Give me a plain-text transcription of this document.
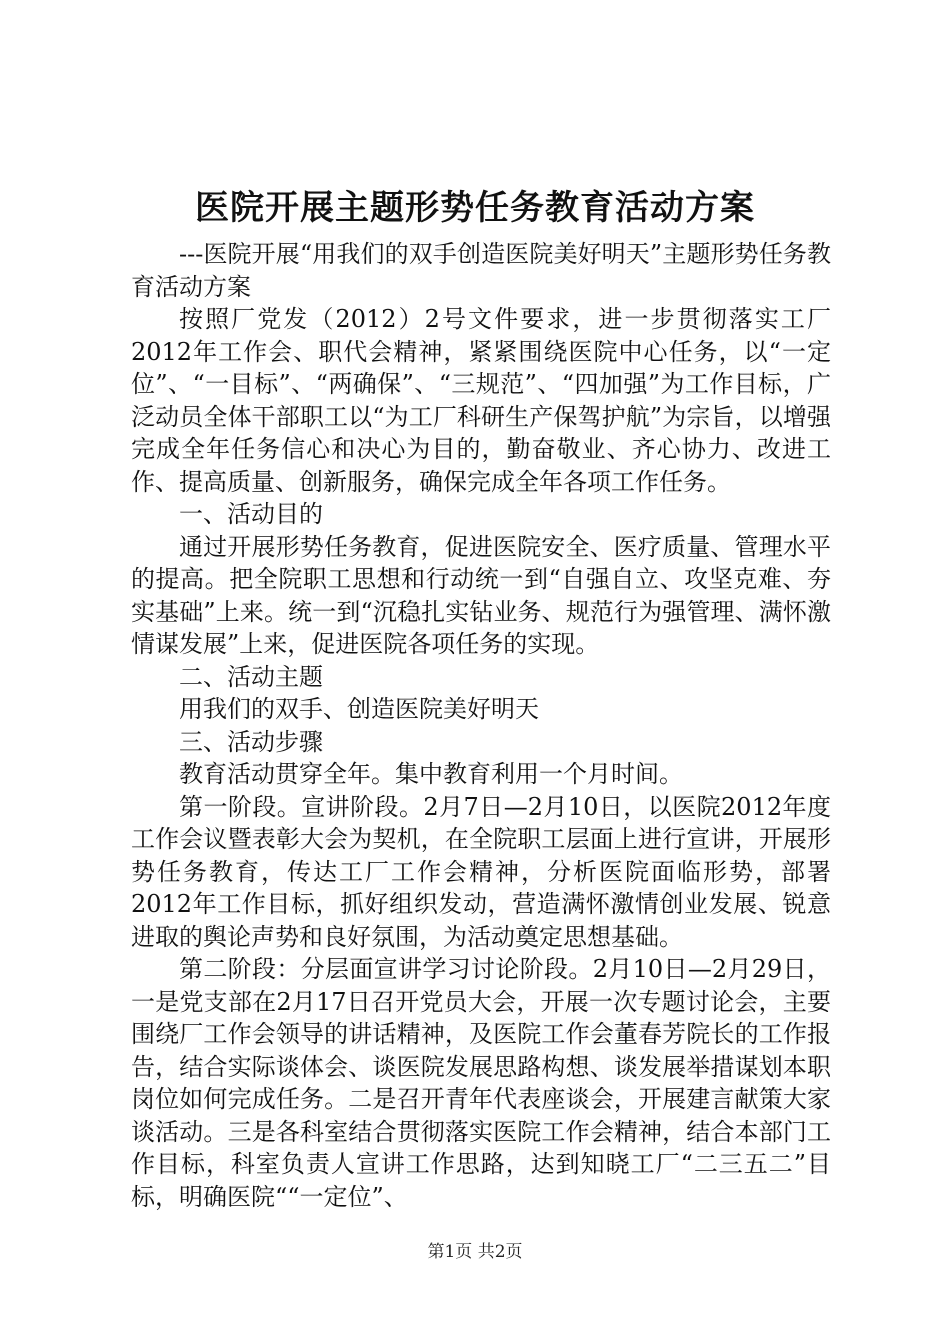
医院开展主题形势任务教育活动方案

---医院开展“用我们的双手创造医院美好明天”主题形势任务教育活动方案

按照厂党发（2012）2号文件要求，进一步贯彻落实工厂2012年工作会、职代会精神，紧紧围绕医院中心任务，以“一定位”、“一目标”、“两确保”、“三规范”、“四加强”为工作目标，广泛动员全体干部职工以“为工厂科研生产保驾护航”为宗旨，以增强完成全年任务信心和决心为目的，勤奋敬业、齐心协力、改进工作、提高质量、创新服务，确保完成全年各项工作任务。

一、活动目的

通过开展形势任务教育，促进医院安全、医疗质量、管理水平的提高。把全院职工思想和行动统一到“自强自立、攻坚克难、夯实基础”上来。统一到“沉稳扎实钻业务、规范行为强管理、满怀激情谋发展”上来，促进医院各项任务的实现。

二、活动主题

用我们的双手、创造医院美好明天

三、活动步骤

教育活动贯穿全年。集中教育利用一个月时间。

第一阶段。宣讲阶段。2月7日—2月10日，以医院2012年度工作会议暨表彰大会为契机，在全院职工层面上进行宣讲，开展形势任务教育，传达工厂工作会精神，分析医院面临形势，部署2012年工作目标，抓好组织发动，营造满怀激情创业发展、锐意进取的舆论声势和良好氛围，为活动奠定思想基础。

第二阶段：分层面宣讲学习讨论阶段。2月10日—2月29日，一是党支部在2月17日召开党员大会，开展一次专题讨论会，主要围绕厂工作会领导的讲话精神，及医院工作会董春芳院长的工作报告，结合实际谈体会、谈医院发展思路构想、谈发展举措谋划本职岗位如何完成任务。二是召开青年代表座谈会，开展建言献策大家谈活动。三是各科室结合贯彻落实医院工作会精神，结合本部门工作目标，科室负责人宣讲工作思路，达到知晓工厂“二三五二”目标，明确医院““一定位”、

第1页 共2页
